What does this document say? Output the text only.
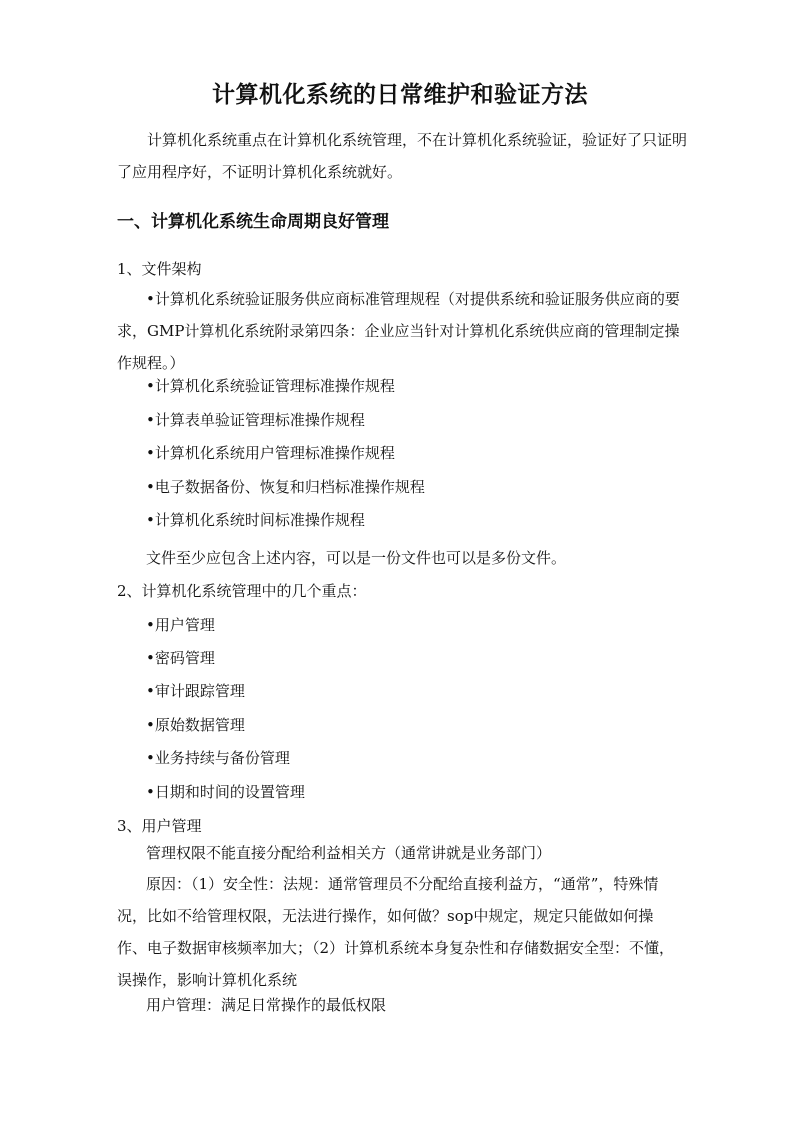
计算机化系统的日常维护和验证方法

计算机化系统重点在计算机化系统管理，不在计算机化系统验证，验证好了只证明了应用程序好，不证明计算机化系统就好。

一、计算机化系统生命周期良好管理

1、文件架构

•计算机化系统验证服务供应商标准管理规程（对提供系统和验证服务供应商的要求，GMP计算机化系统附录第四条：企业应当针对计算机化系统供应商的管理制定操作规程。）

•计算机化系统验证管理标准操作规程

•计算表单验证管理标准操作规程

•计算机化系统用户管理标准操作规程

•电子数据备份、恢复和归档标准操作规程

•计算机化系统时间标准操作规程

文件至少应包含上述内容，可以是一份文件也可以是多份文件。

2、计算机化系统管理中的几个重点：

•用户管理

•密码管理

•审计跟踪管理

•原始数据管理

•业务持续与备份管理

•日期和时间的设置管理

3、用户管理

管理权限不能直接分配给利益相关方（通常讲就是业务部门）

原因：（1）安全性：法规：通常管理员不分配给直接利益方，“通常”，特殊情况，比如不给管理权限，无法进行操作，如何做？sop中规定，规定只能做如何操作、电子数据审核频率加大；（2）计算机系统本身复杂性和存储数据安全型：不懂，误操作，影响计算机化系统

用户管理：满足日常操作的最低权限
